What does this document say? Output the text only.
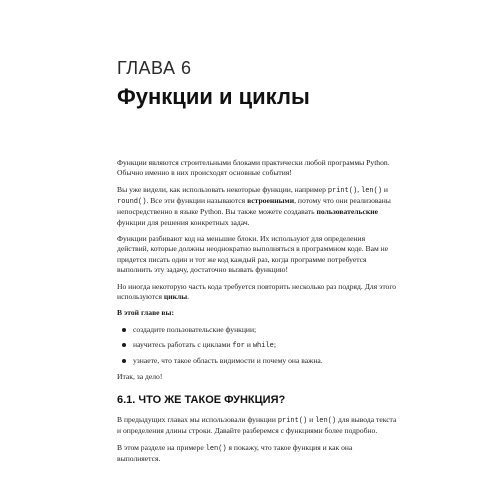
ГЛАВА 6
Функции и циклы

Функции являются строительными блоками практически любой программы Python. Обычно именно в них происходят основные события!

Вы уже видели, как использовать некоторые функции, например print(), len() и round(). Все эти функции называются встроенными, потому что они реализованы непосредственно в языке Python. Вы также можете создавать пользовательские функции для решения конкретных задач.

Функции разбивают код на меньшие блоки. Их используют для определения действий, которые должны неоднократно выполняться в программном коде. Вам не придется писать один и тот же код каждый раз, когда программе потребуется выполнить эту задачу, достаточно вызвать функцию!

Но иногда некоторую часть кода требуется повторить несколько раз подряд. Для этого используются циклы.

В этой главе вы:

создадите пользовательские функции;
научитесь работать с циклами for и while;
узнаете, что такое область видимости и почему она важна.

Итак, за дело!

6.1. ЧТО ЖЕ ТАКОЕ ФУНКЦИЯ?

В предыдущих главах мы использовали функции print() и len() для вывода текста и определения длины строки. Давайте разберемся с функциями более подробно.

В этом разделе на примере len() я покажу, что такое функция и как она выполняется.
